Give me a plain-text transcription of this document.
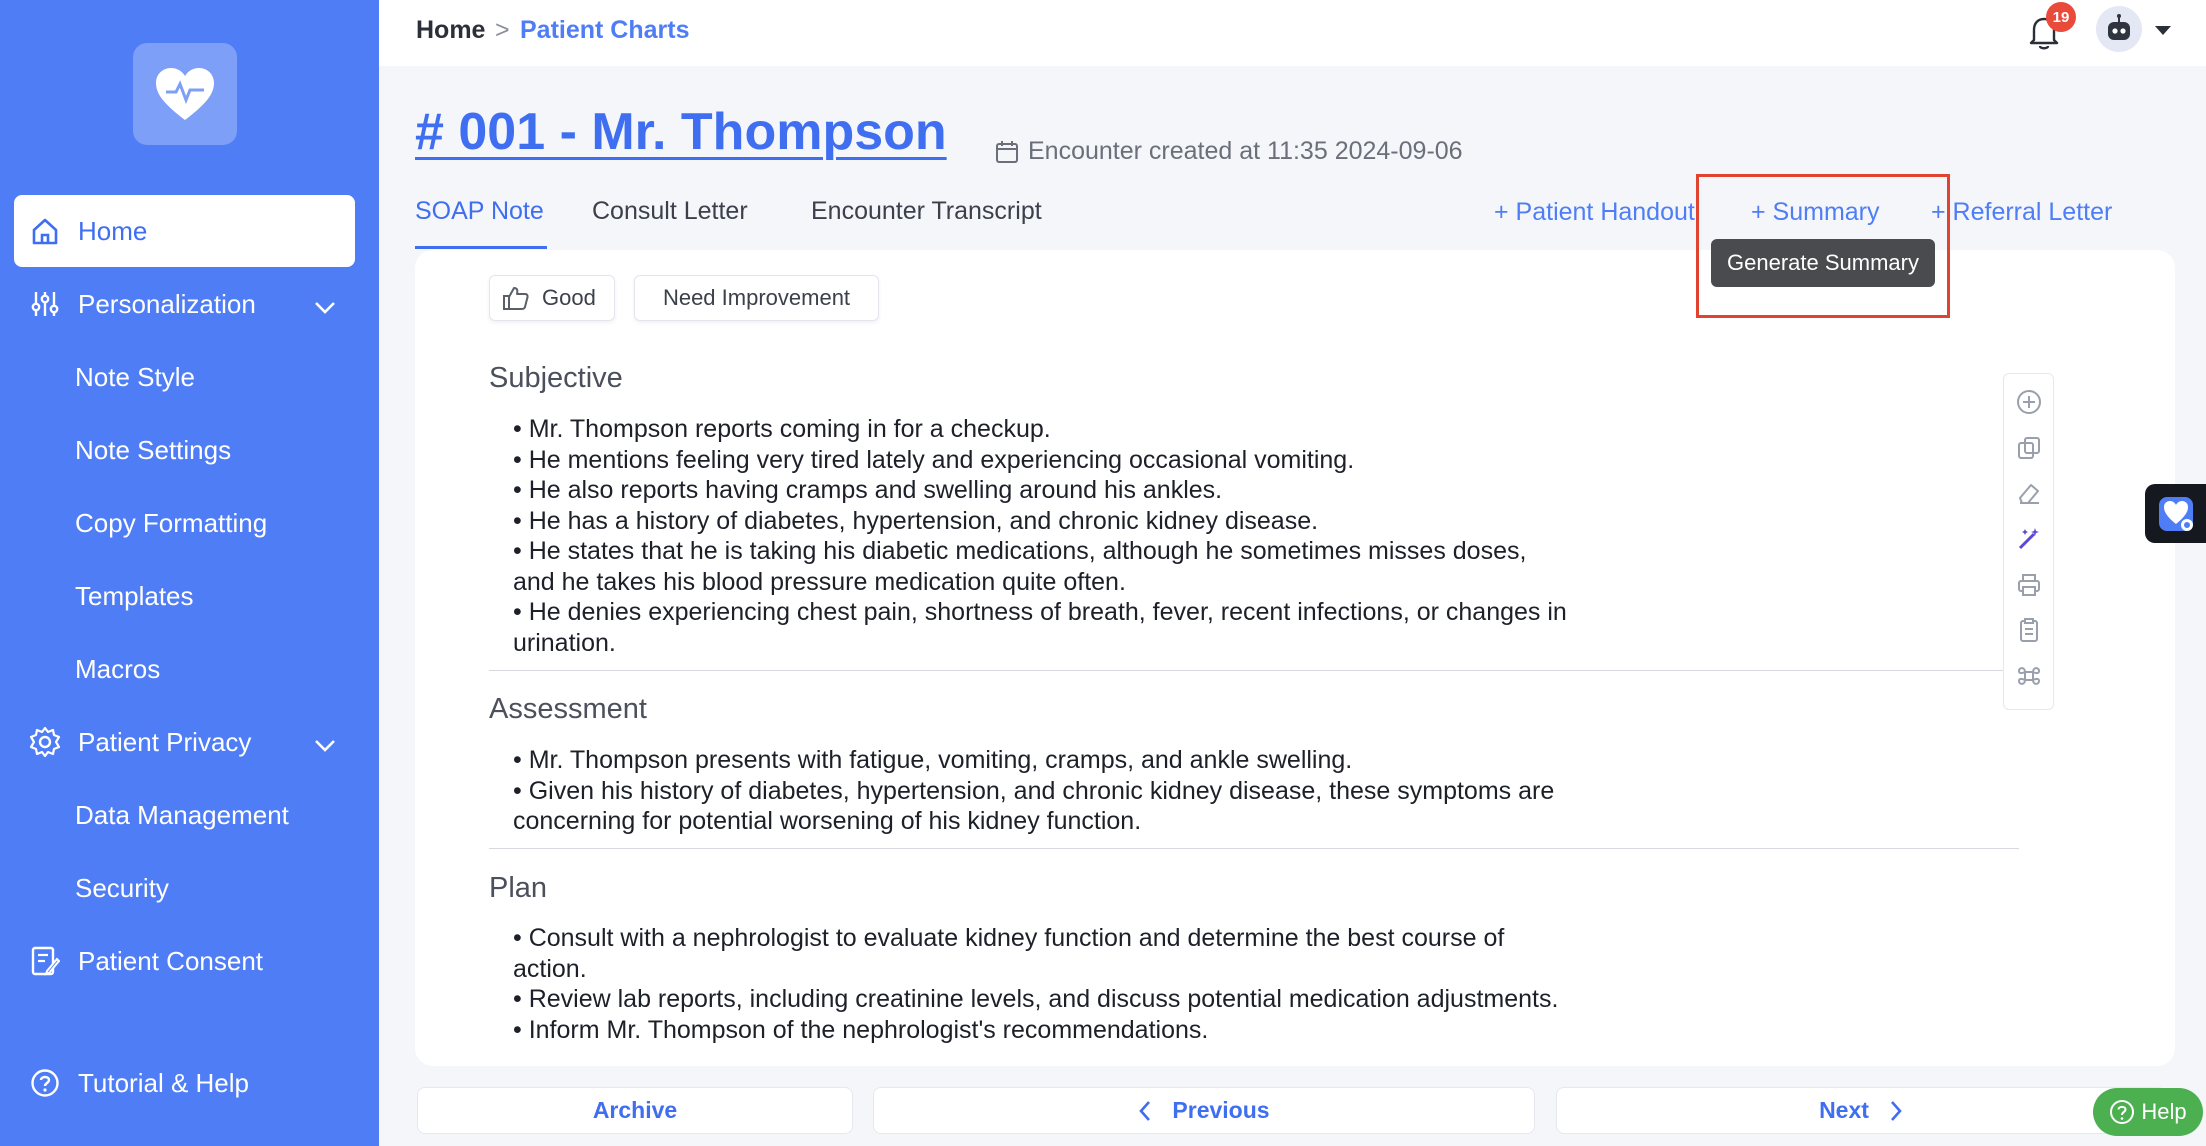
Home
Personalization
Note Style
Note Settings
Copy Formatting
Templates
Macros
Patient Privacy
Data Management
Security
Patient Consent
Tutorial & Help
Home > Patient Charts	19
# 001 - Mr. Thompson	Encounter created at 11:35 2024-09-06
SOAP Note Consult Letter	Encounter Transcript	+ Patient Handout + Summary + Referral Letter
Good	Need Improvement
Subjective
• Mr. Thompson reports coming in for a checkup.
• He mentions feeling very tired lately and experiencing occasional vomiting.
• He also reports having cramps and swelling around his ankles.
• He has a history of diabetes, hypertension, and chronic kidney disease.
• He states that he is taking his diabetic medications, although he sometimes misses doses,
and he takes his blood pressure medication quite often.
• He denies experiencing chest pain, shortness of breath, fever, recent infections, or changes in
urination.
Assessment
• Mr. Thompson presents with fatigue, vomiting, cramps, and ankle swelling.
• Given his history of diabetes, hypertension, and chronic kidney disease, these symptoms are
concerning for potential worsening of his kidney function.
Plan
• Consult with a nephrologist to evaluate kidney function and determine the best course of
action.
• Review lab reports, including creatinine levels, and discuss potential medication adjustments.
• Inform Mr. Thompson of the nephrologist's recommendations.
Generate Summary
Archive	Previous	Next	Help
